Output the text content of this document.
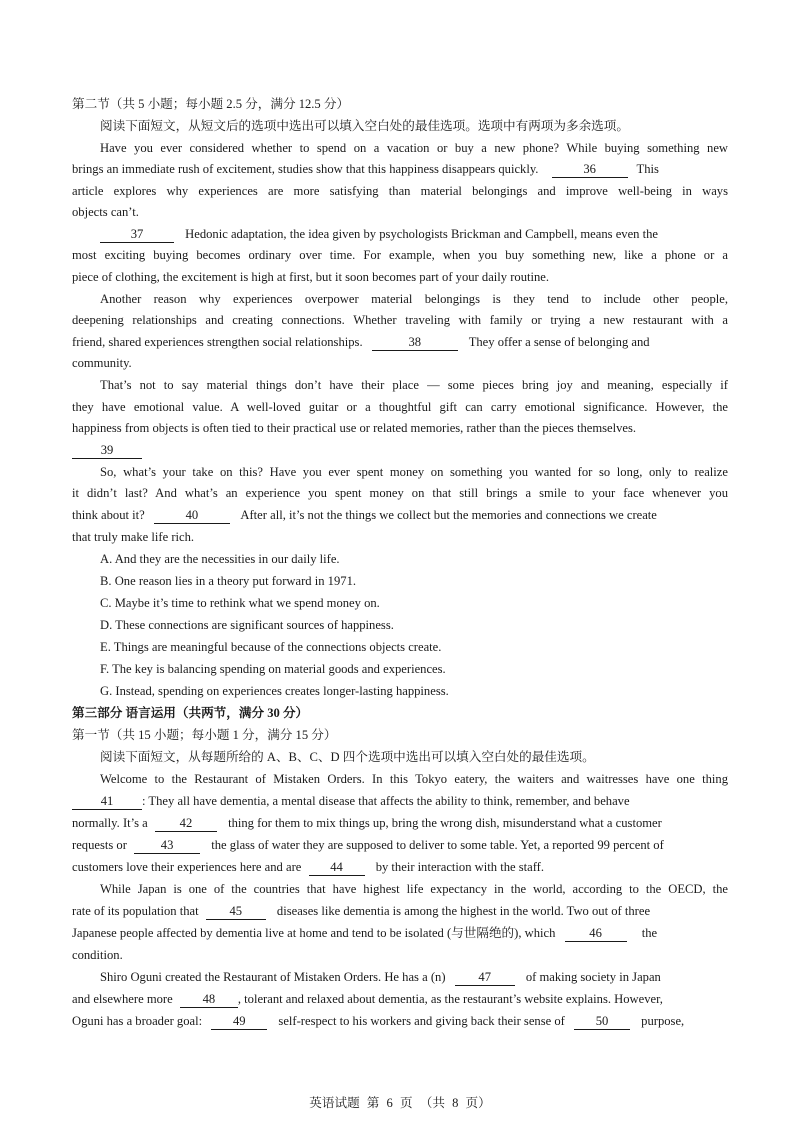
第二节（共 5 小题；每小题 2.5 分，满分 12.5 分）
阅读下面短文，从短文后的选项中选出可以填入空白处的最佳选项。选项中有两项为多余选项。
Have you ever considered whether to spend on a vacation or buy a new phone? While buying something new
brings an immediate rush of excitement, studies show that this happiness disappears quickly.	36	This
article explores why experiences are more satisfying than material belongings and improve well-being in ways
objects can’t.
37	Hedonic adaptation, the idea given by psychologists Brickman and Campbell, means even the
most exciting buying becomes ordinary over time. For example, when you buy something new, like a phone or a
piece of clothing, the excitement is high at first, but it soon becomes part of your daily routine.
Another reason why experiences overpower material belongings is they tend to include other people,
deepening relationships and creating connections. Whether traveling with family or trying a new restaurant with a
friend, shared experiences strengthen social relationships.	38	They offer a sense of belonging and
community.
That’s not to say material things don’t have their place — some pieces bring joy and meaning, especially if
they have emotional value. A well-loved guitar or a thoughtful gift can carry emotional significance. However, the
happiness from objects is often tied to their practical use or related memories, rather than the pieces themselves.
39
So, what’s your take on this? Have you ever spent money on something you wanted for so long, only to realize
it didn’t last? And what’s an experience you spent money on that still brings a smile to your face whenever you
think about it?	40	After all, it’s not the things we collect but the memories and connections we create
that truly make life rich.
A. And they are the necessities in our daily life.
B. One reason lies in a theory put forward in 1971.
C. Maybe it’s time to rethink what we spend money on.
D. These connections are significant sources of happiness.
E. Things are meaningful because of the connections objects create.
F. The key is balancing spending on material goods and experiences.
G. Instead, spending on experiences creates longer-lasting happiness.
第三部分 语言运用（共两节，满分 30 分）
第一节（共 15 小题；每小题 1 分，满分 15 分）
阅读下面短文，从每题所给的 A、B、C、D 四个选项中选出可以填入空白处的最佳选项。
Welcome to the Restaurant of Mistaken Orders. In this Tokyo eatery, the waiters and waitresses have one thing
41 : They all have dementia, a mental disease that affects the ability to think, remember, and behave
normally. It’s a	42	thing for them to mix things up, bring the wrong dish, misunderstand what a customer
requests or	43	the glass of water they are supposed to deliver to some table. Yet, a reported 99 percent of
customers love their experiences here and are 44	by their interaction with the staff.
While Japan is one of the countries that have highest life expectancy in the world, according to the OECD, the
rate of its population that 45	diseases like dementia is among the highest in the world. Two out of three
Japanese people affected by dementia live at home and tend to be isolated (与世隔绝的), which	46	the
condition.
Shiro Oguni created the Restaurant of Mistaken Orders. He has a (n)	47	of making society in Japan
and elsewhere more 48 , tolerant and relaxed about dementia, as the restaurant’s website explains. However,
Oguni has a broader goal: 49	self-respect to his workers and giving back their sense of 50	purpose,
英语试题 第 6 页 （共 8 页）
